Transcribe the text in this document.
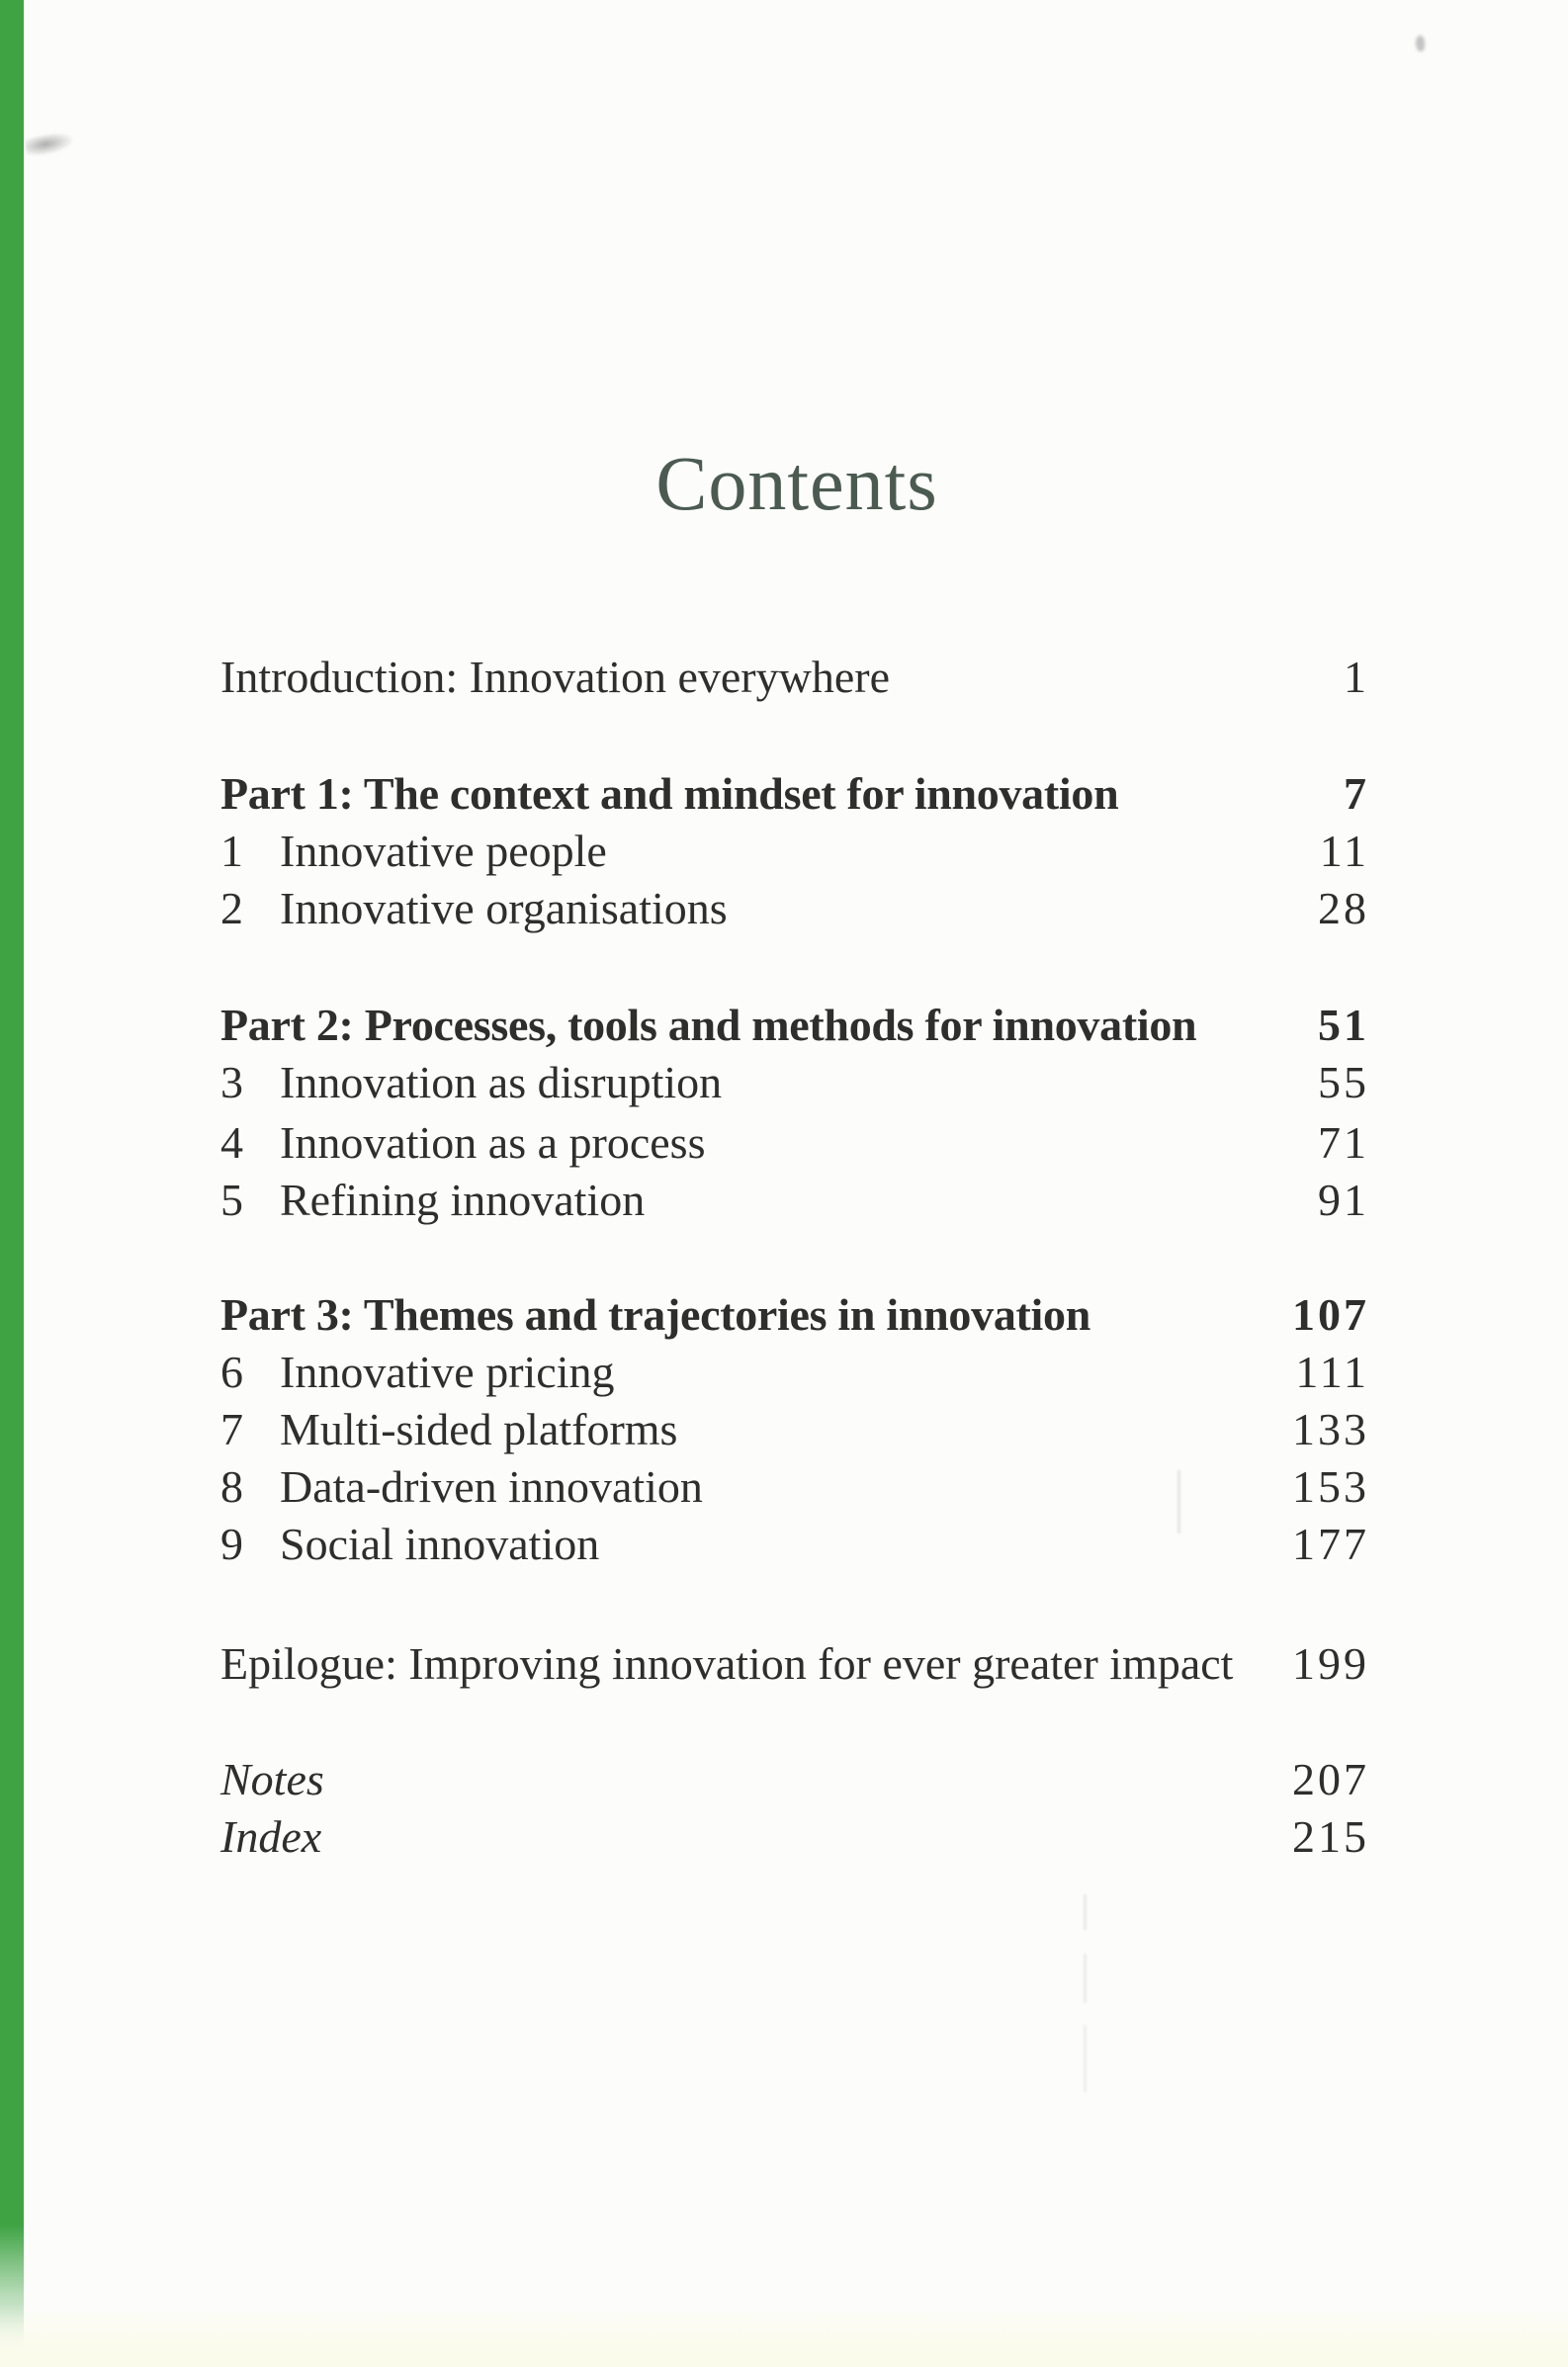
Contents
Introduction: Innovation everywhere	1
Part 1: The context and mindset for innovation	7
1 Innovative people	11
2 Innovative organisations	28
Part 2: Processes, tools and methods for innovation	51
3 Innovation as disruption	55
4 Innovation as a process	71
5 Refining innovation	91
Part 3: Themes and trajectories in innovation	107
6 Innovative pricing	111
7 Multi-sided platforms	133
8 Data-driven innovation	153
9 Social innovation	177
Epilogue: Improving innovation for ever greater impact 199
Notes	207
Index	215
